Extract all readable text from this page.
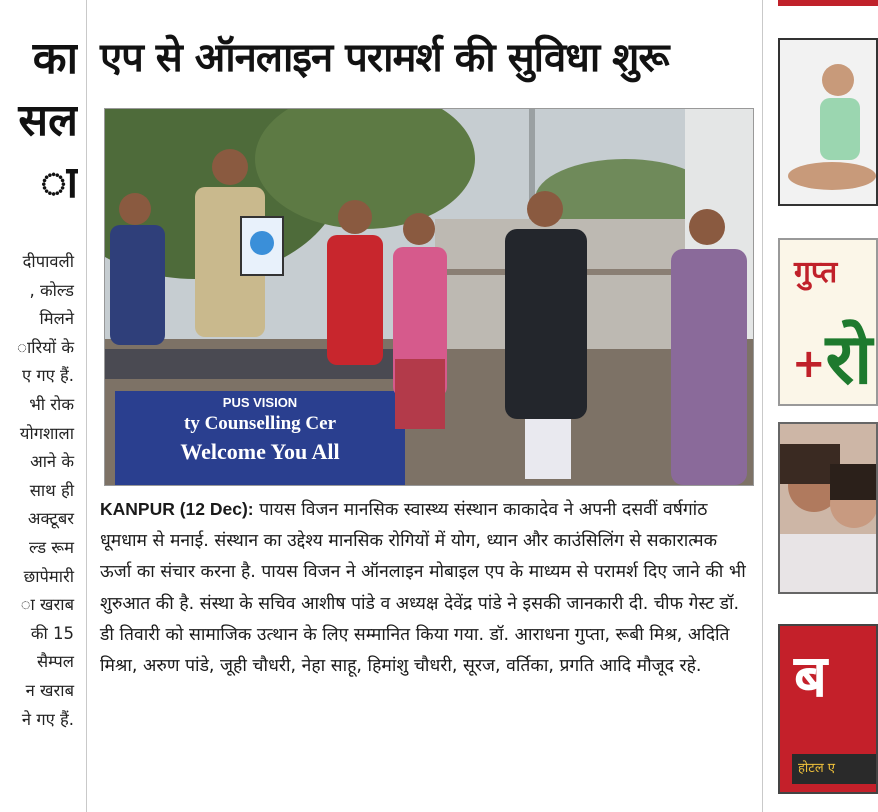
का
सल
ा
दीपावली
, कोल्ड
मिलने
ारियों के
ए गए हैं.
भी रोक
योगशाला
आने के
साथ ही
अक्टूबर
ल्ड रूम
छापेमारी
ा खराब
की 15
सैम्पल
न खराब
ने गए हैं.
एप से ऑनलाइन परामर्श की सुविधा शुरू
PUS VISION
ty Counselling Cer
Welcome You All

KANPUR (12 Dec): पायस विजन मानसिक स्वास्थ्य संस्थान काकादेव ने अपनी दसवीं वर्षगांठ धूमधाम से मनाई. संस्थान का उद्देश्य मानसिक रोगियों में योग, ध्यान और काउंसिलिंग से सकारात्मक ऊर्जा का संचार करना है. पायस विजन ने ऑनलाइन मोबाइल एप के माध्यम से परामर्श दिए जाने की भी शुरुआत की है. संस्था के सचिव आशीष पांडे व अध्यक्ष देवेंद्र पांडे ने इसकी जानकारी दी. चीफ गेस्ट डॉ. डी तिवारी को सामाजिक उत्थान के लिए सम्मानित किया गया. डॉ. आराधना गुप्ता, रूबी मिश्र, अदिति मिश्रा, अरुण पांडे, जूही चौधरी, नेहा साहू, हिमांशु चौधरी, सूरज, वर्तिका, प्रगति आदि मौजूद रहे.

गुप्त
+रो
ब
होटल ए
